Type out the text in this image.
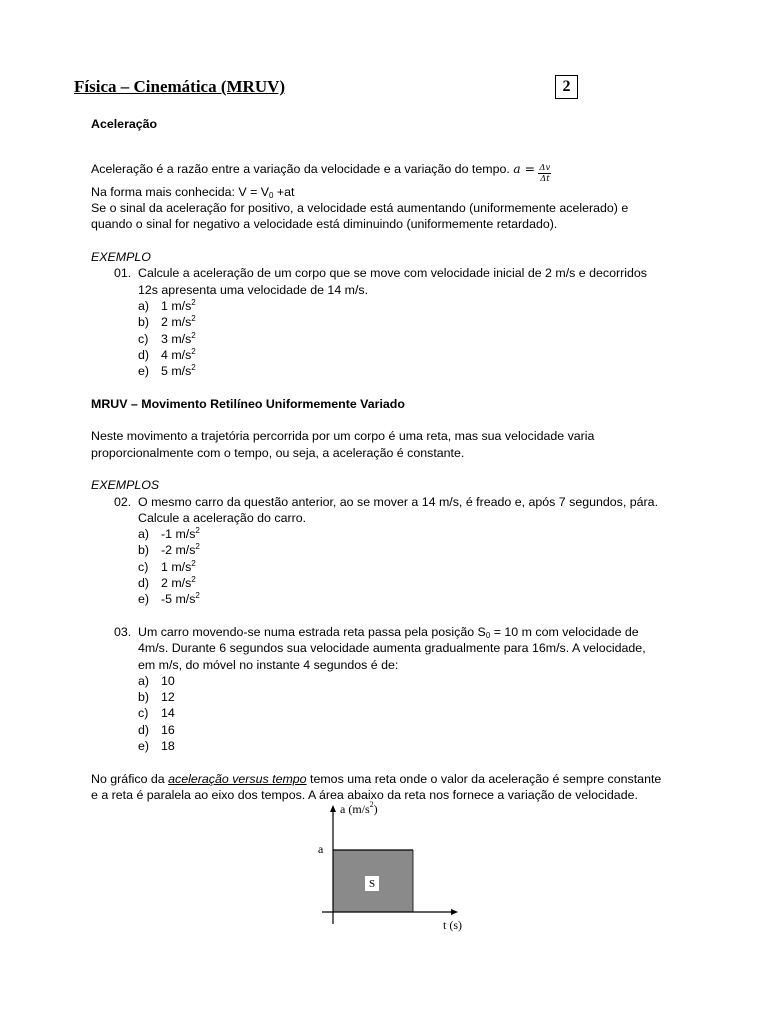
Física – Cinemática (MRUV)	2

Aceleração

Aceleração é a razão entre a variação da velocidade e a variação do tempo. $a = \frac{\Delta v}{\Delta t}$

Na forma mais conhecida: $V = V_0 +at$

Se o sinal da aceleração for positivo, a velocidade está aumentando (uniformemente acelerado) e

quando o sinal for negativo a velocidade está diminuindo (uniformemente retardado).

EXEMPLO

01. Calcule a aceleração de um corpo que se move com velocidade inicial de 2 m/s e decorridos

12s apresenta uma velocidade de 14 m/s.

a) 1 $m/s^2$
b) 2 $m/s^2$
c) 3 $m/s^2$
d) 4 $m/s^2$
e) 5 $m/s^2$

MRUV – Movimento Retilíneo Uniformemente Variado

Neste movimento a trajetória percorrida por um corpo é uma reta, mas sua velocidade varia

proporcionalmente com o tempo, ou seja, a aceleração é constante.

EXEMPLOS

02. O mesmo carro da questão anterior, ao se mover a 14 m/s, é freado e, após 7 segundos, pára.

Calcule a aceleração do carro.

a) -1 $m/s^2$
b) -2 $m/s^2$
c) 1 $m/s^2$
d) 2 $m/s^2$
e) -5 $m/s^2$
03. Um carro movendo-se numa estrada reta passa pela posição $S_0 = 10$ m com velocidade de

4m/s. Durante 6 segundos sua velocidade aumenta gradualmente para 16m/s. A velocidade,

em m/s, do móvel no instante 4 segundos é de:

a) 10
b) 12
c) 14
d) 16
e) 18

No gráfico da aceleração versus tempo temos uma reta onde o valor da aceleração é sempre constante

e a reta é paralela ao eixo dos tempos. A área abaixo da reta nos fornece a variação de velocidade.

a $(m/s^2)$
a
S
t (s)
